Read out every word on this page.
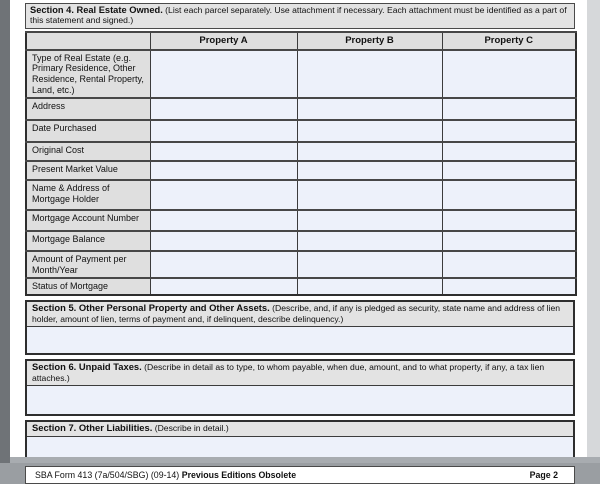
Section 4. Real Estate Owned. (List each parcel separately. Use attachment if necessary. Each attachment must be identified as a part of this statement and signed.)
	Property A	Property B	Property C
Type of Real Estate (e.g. Primary Residence, Other Residence, Rental Property, Land, etc.)			
Address			
Date Purchased			
Original Cost			
Present Market Value			
Name & Address of Mortgage Holder			
Mortgage Account Number			
Mortgage Balance			
Amount of Payment per Month/Year			
Status of Mortgage			
Section 5. Other Personal Property and Other Assets. (Describe, and, if any is pledged as security, state name and address of lien holder, amount of lien, terms of payment and, if delinquent, describe delinquency.)
Section 6. Unpaid Taxes. (Describe in detail as to type, to whom payable, when due, amount, and to what property, if any, a tax lien attaches.)
Section 7. Other Liabilities. (Describe in detail.)
SBA Form 413 (7a/504/SBG) (09-14) Previous Editions Obsolete	Page 2
